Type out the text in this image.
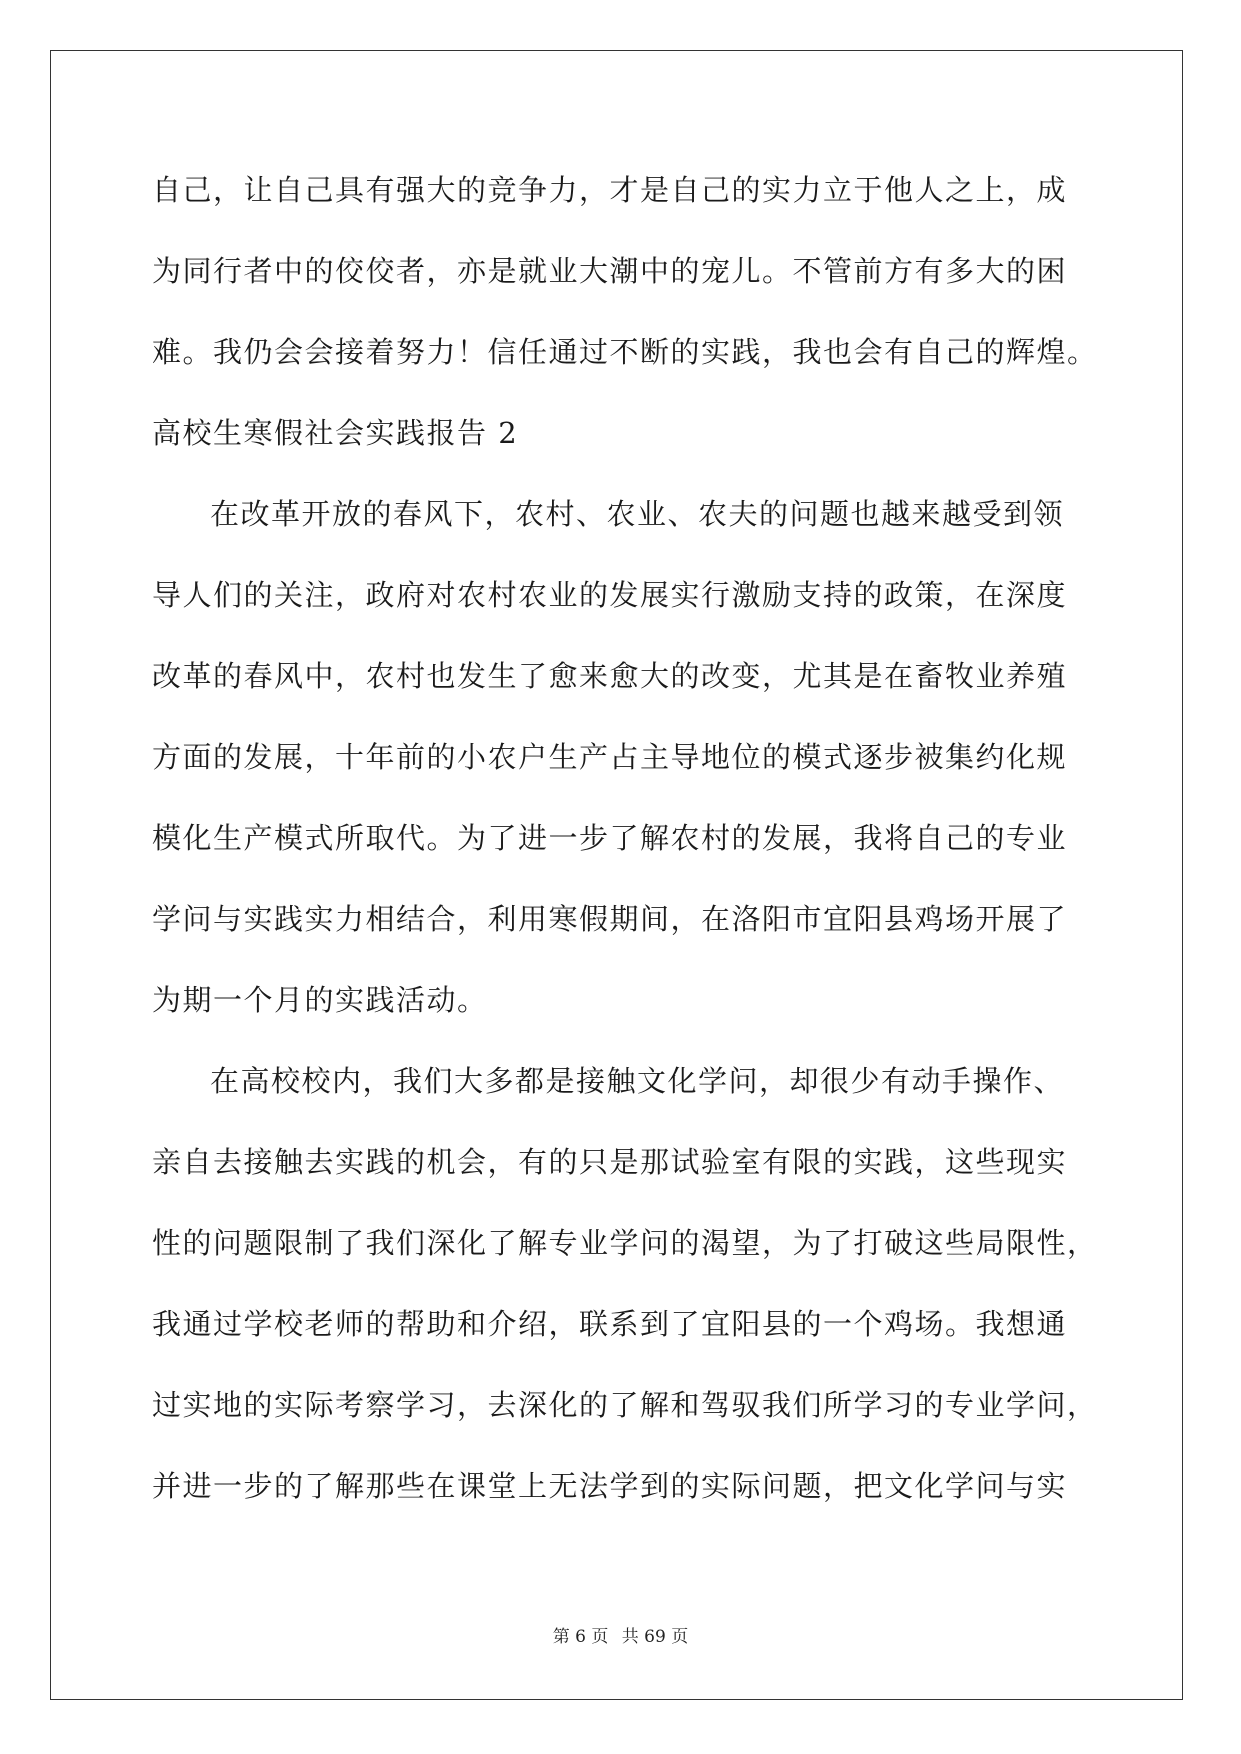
自己，让自己具有强大的竞争力，才是自己的实力立于他人之上，成
为同行者中的佼佼者，亦是就业大潮中的宠儿。不管前方有多大的困
难。我仍会会接着努力！信任通过不断的实践，我也会有自己的辉煌。
高校生寒假社会实践报告 2
在改革开放的春风下，农村、农业、农夫的问题也越来越受到领
导人们的关注，政府对农村农业的发展实行激励支持的政策，在深度
改革的春风中，农村也发生了愈来愈大的改变，尤其是在畜牧业养殖
方面的发展，十年前的小农户生产占主导地位的模式逐步被集约化规
模化生产模式所取代。为了进一步了解农村的发展，我将自己的专业
学问与实践实力相结合，利用寒假期间，在洛阳市宜阳县鸡场开展了
为期一个月的实践活动。
在高校校内，我们大多都是接触文化学问，却很少有动手操作、
亲自去接触去实践的机会，有的只是那试验室有限的实践，这些现实
性的问题限制了我们深化了解专业学问的渴望，为了打破这些局限性，
我通过学校老师的帮助和介绍，联系到了宜阳县的一个鸡场。我想通
过实地的实际考察学习，去深化的了解和驾驭我们所学习的专业学问，
并进一步的了解那些在课堂上无法学到的实际问题，把文化学问与实
第 6 页 共 69 页
